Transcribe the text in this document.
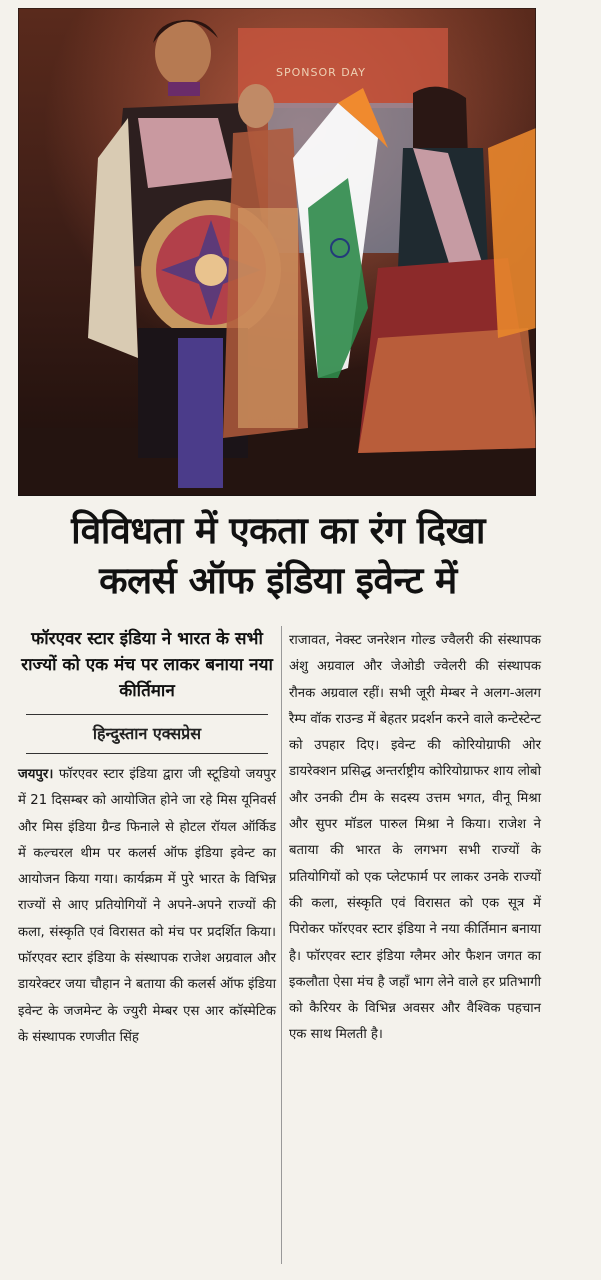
SPONSOR DAY
विविधता में एकता का रंग दिखा
कलर्स ऑफ इंडिया इवेन्ट में
फॉरएवर स्टार इंडिया ने भारत के सभी राज्यों को एक मंच पर लाकर बनाया नया कीर्तिमान
हिन्दुस्तान एक्सप्रेस
जयपुर। फॉरएवर स्टार इंडिया द्वारा जी स्टूडियो जयपुर में 21 दिसम्बर को आयोजित होने जा रहे मिस यूनिवर्स और मिस इंडिया ग्रैन्ड फिनाले से होटल रॉयल ऑर्किड में कल्चरल थीम पर कलर्स ऑफ इंडिया इवेन्ट का आयोजन किया गया। कार्यक्रम में पुरे भारत के विभिन्न राज्यों से आए प्रतियोगियों ने अपने-अपने राज्यों की कला, संस्कृति एवं विरासत को मंच पर प्रदर्शित किया। फॉरएवर स्टार इंडिया के संस्थापक राजेश अग्रवाल और डायरेक्टर जया चौहान ने बताया की कलर्स ऑफ इंडिया इवेन्ट के जजमेन्ट के ज्युरी मेम्बर एस आर कॉस्मेटिक के संस्थापक रणजीत सिंह
राजावत, नेक्स्ट जनरेशन गोल्ड ज्वैलरी की संस्थापक अंशु अग्रवाल और जेओडी ज्वेलरी की संस्थापक रौनक अग्रवाल रहीं। सभी जूरी मेम्बर ने अलग-अलग रैम्प वॉक राउन्ड में बेहतर प्रदर्शन करने वाले कन्टेस्टेन्ट को उपहार दिए। इवेन्ट की कोरियोग्राफी ओर डायरेक्शन प्रसिद्ध अन्तर्राष्ट्रीय कोरियोग्राफर शाय लोबो और उनकी टीम के सदस्य उत्तम भगत, वीनू मिश्रा और सुपर मॉडल पारुल मिश्रा ने किया। राजेश ने बताया की भारत के लगभग सभी राज्यों के प्रतियोगियों को एक प्लेटफार्म पर लाकर उनके राज्यों की कला, संस्कृति एवं विरासत को एक सूत्र में पिरोकर फॉरएवर स्टार इंडिया ने नया कीर्तिमान बनाया है। फॉरएवर स्टार इंडिया ग्लैमर ओर फैशन जगत का इकलौता ऐसा मंच है जहाँ भाग लेने वाले हर प्रतिभागी को कैरियर के विभिन्न अवसर और वैश्विक पहचान एक साथ मिलती है।
